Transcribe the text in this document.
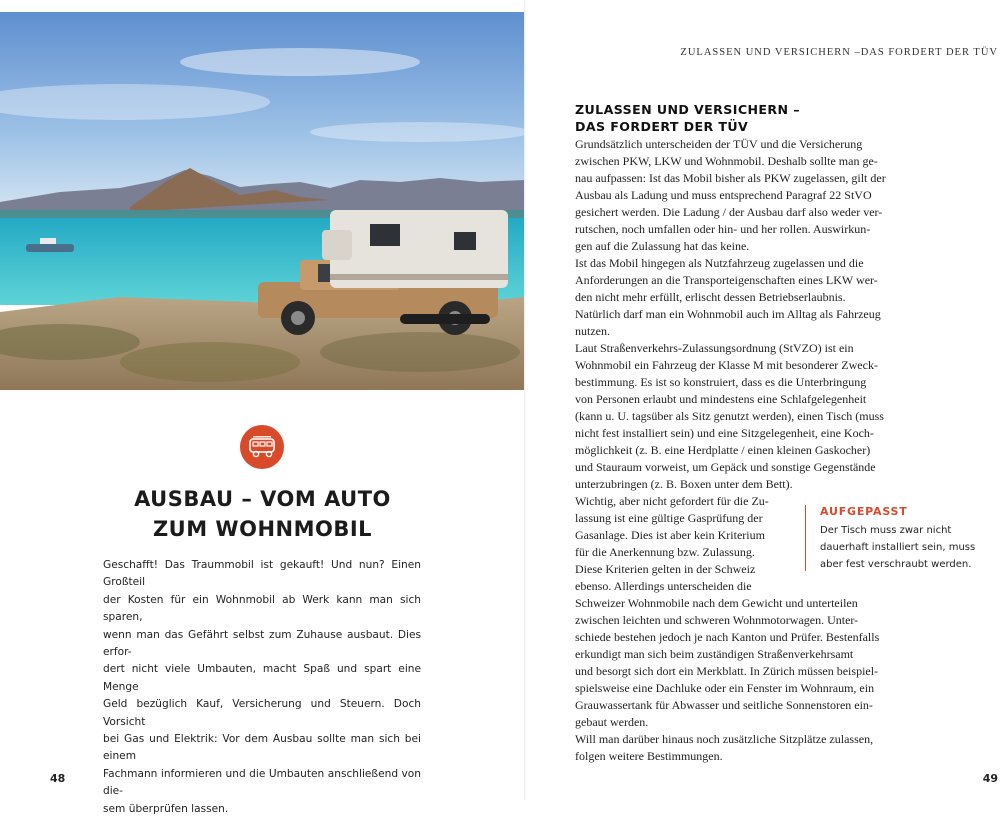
AUSBAU – VOM AUTO
ZUM WOHNMOBIL

Geschafft! Das Traummobil ist gekauft! Und nun? Einen Großteil
der Kosten für ein Wohnmobil ab Werk kann man sich sparen,
wenn man das Gefährt selbst zum Zuhause ausbaut. Dies erfor-
dert nicht viele Umbauten, macht Spaß und spart eine Menge
Geld bezüglich Kauf, Versicherung und Steuern. Doch Vorsicht
bei Gas und Elektrik: Vor dem Ausbau sollte man sich bei einem
Fachmann informieren und die Umbauten anschließend von die-
sem überprüfen lassen.

48
ZULASSEN UND VERSICHERN –DAS FORDERT DER TÜV
ZULASSEN UND VERSICHERN –
DAS FORDERT DER TÜV

Grundsätzlich unterscheiden der TÜV und die Versicherung
zwischen PKW, LKW und Wohnmobil. Deshalb sollte man ge-
nau aufpassen: Ist das Mobil bisher als PKW zugelassen, gilt der
Ausbau als Ladung und muss entsprechend Paragraf 22 StVO
gesichert werden. Die Ladung / der Ausbau darf also weder ver-
rutschen, noch umfallen oder hin- und her rollen. Auswirkun-
gen auf die Zulassung hat das keine.

Ist das Mobil hingegen als Nutzfahrzeug zugelassen und die
Anforderungen an die Transporteigenschaften eines LKW wer-
den nicht mehr erfüllt, erlischt dessen Betriebserlaubnis.

Natürlich darf man ein Wohnmobil auch im Alltag als Fahrzeug
nutzen.

Laut Straßenverkehrs-Zulassungsordnung (StVZO) ist ein
Wohnmobil ein Fahrzeug der Klasse M mit besonderer Zweck-
bestimmung. Es ist so konstruiert, dass es die Unterbringung
von Personen erlaubt und mindestens eine Schlafgelegenheit
(kann u. U. tagsüber als Sitz genutzt werden), einen Tisch (muss
nicht fest installiert sein) und eine Sitzgelegenheit, eine Koch-
möglichkeit (z. B. eine Herdplatte / einen kleinen Gaskocher)
und Stauraum vorweist, um Gepäck und sonstige Gegenstände
unterzubringen (z. B. Boxen unter dem Bett).

Wichtig, aber nicht gefordert für die Zu-
lassung ist eine gültige Gasprüfung der
Gasanlage. Dies ist aber kein Kriterium
für die Anerkennung bzw. Zulassung.

Diese Kriterien gelten in der Schweiz
ebenso. Allerdings unterscheiden die
Schweizer Wohnmobile nach dem Gewicht und unterteilen
zwischen leichten und schweren Wohnmotorwagen. Unter-
schiede bestehen jedoch je nach Kanton und Prüfer. Bestenfalls
erkundigt man sich beim zuständigen Straßenverkehrsamt
und besorgt sich dort ein Merkblatt. In Zürich müssen beispiel-
spielsweise eine Dachluke oder ein Fenster im Wohnraum, ein
Grauwassertank für Abwasser und seitliche Sonnenstoren ein-
gebaut werden.

Will man darüber hinaus noch zusätzliche Sitzplätze zulassen,
folgen weitere Bestimmungen.

AUFGEPASST

Der Tisch muss zwar nicht
dauerhaft installiert sein, muss
aber fest verschraubt werden.

49
